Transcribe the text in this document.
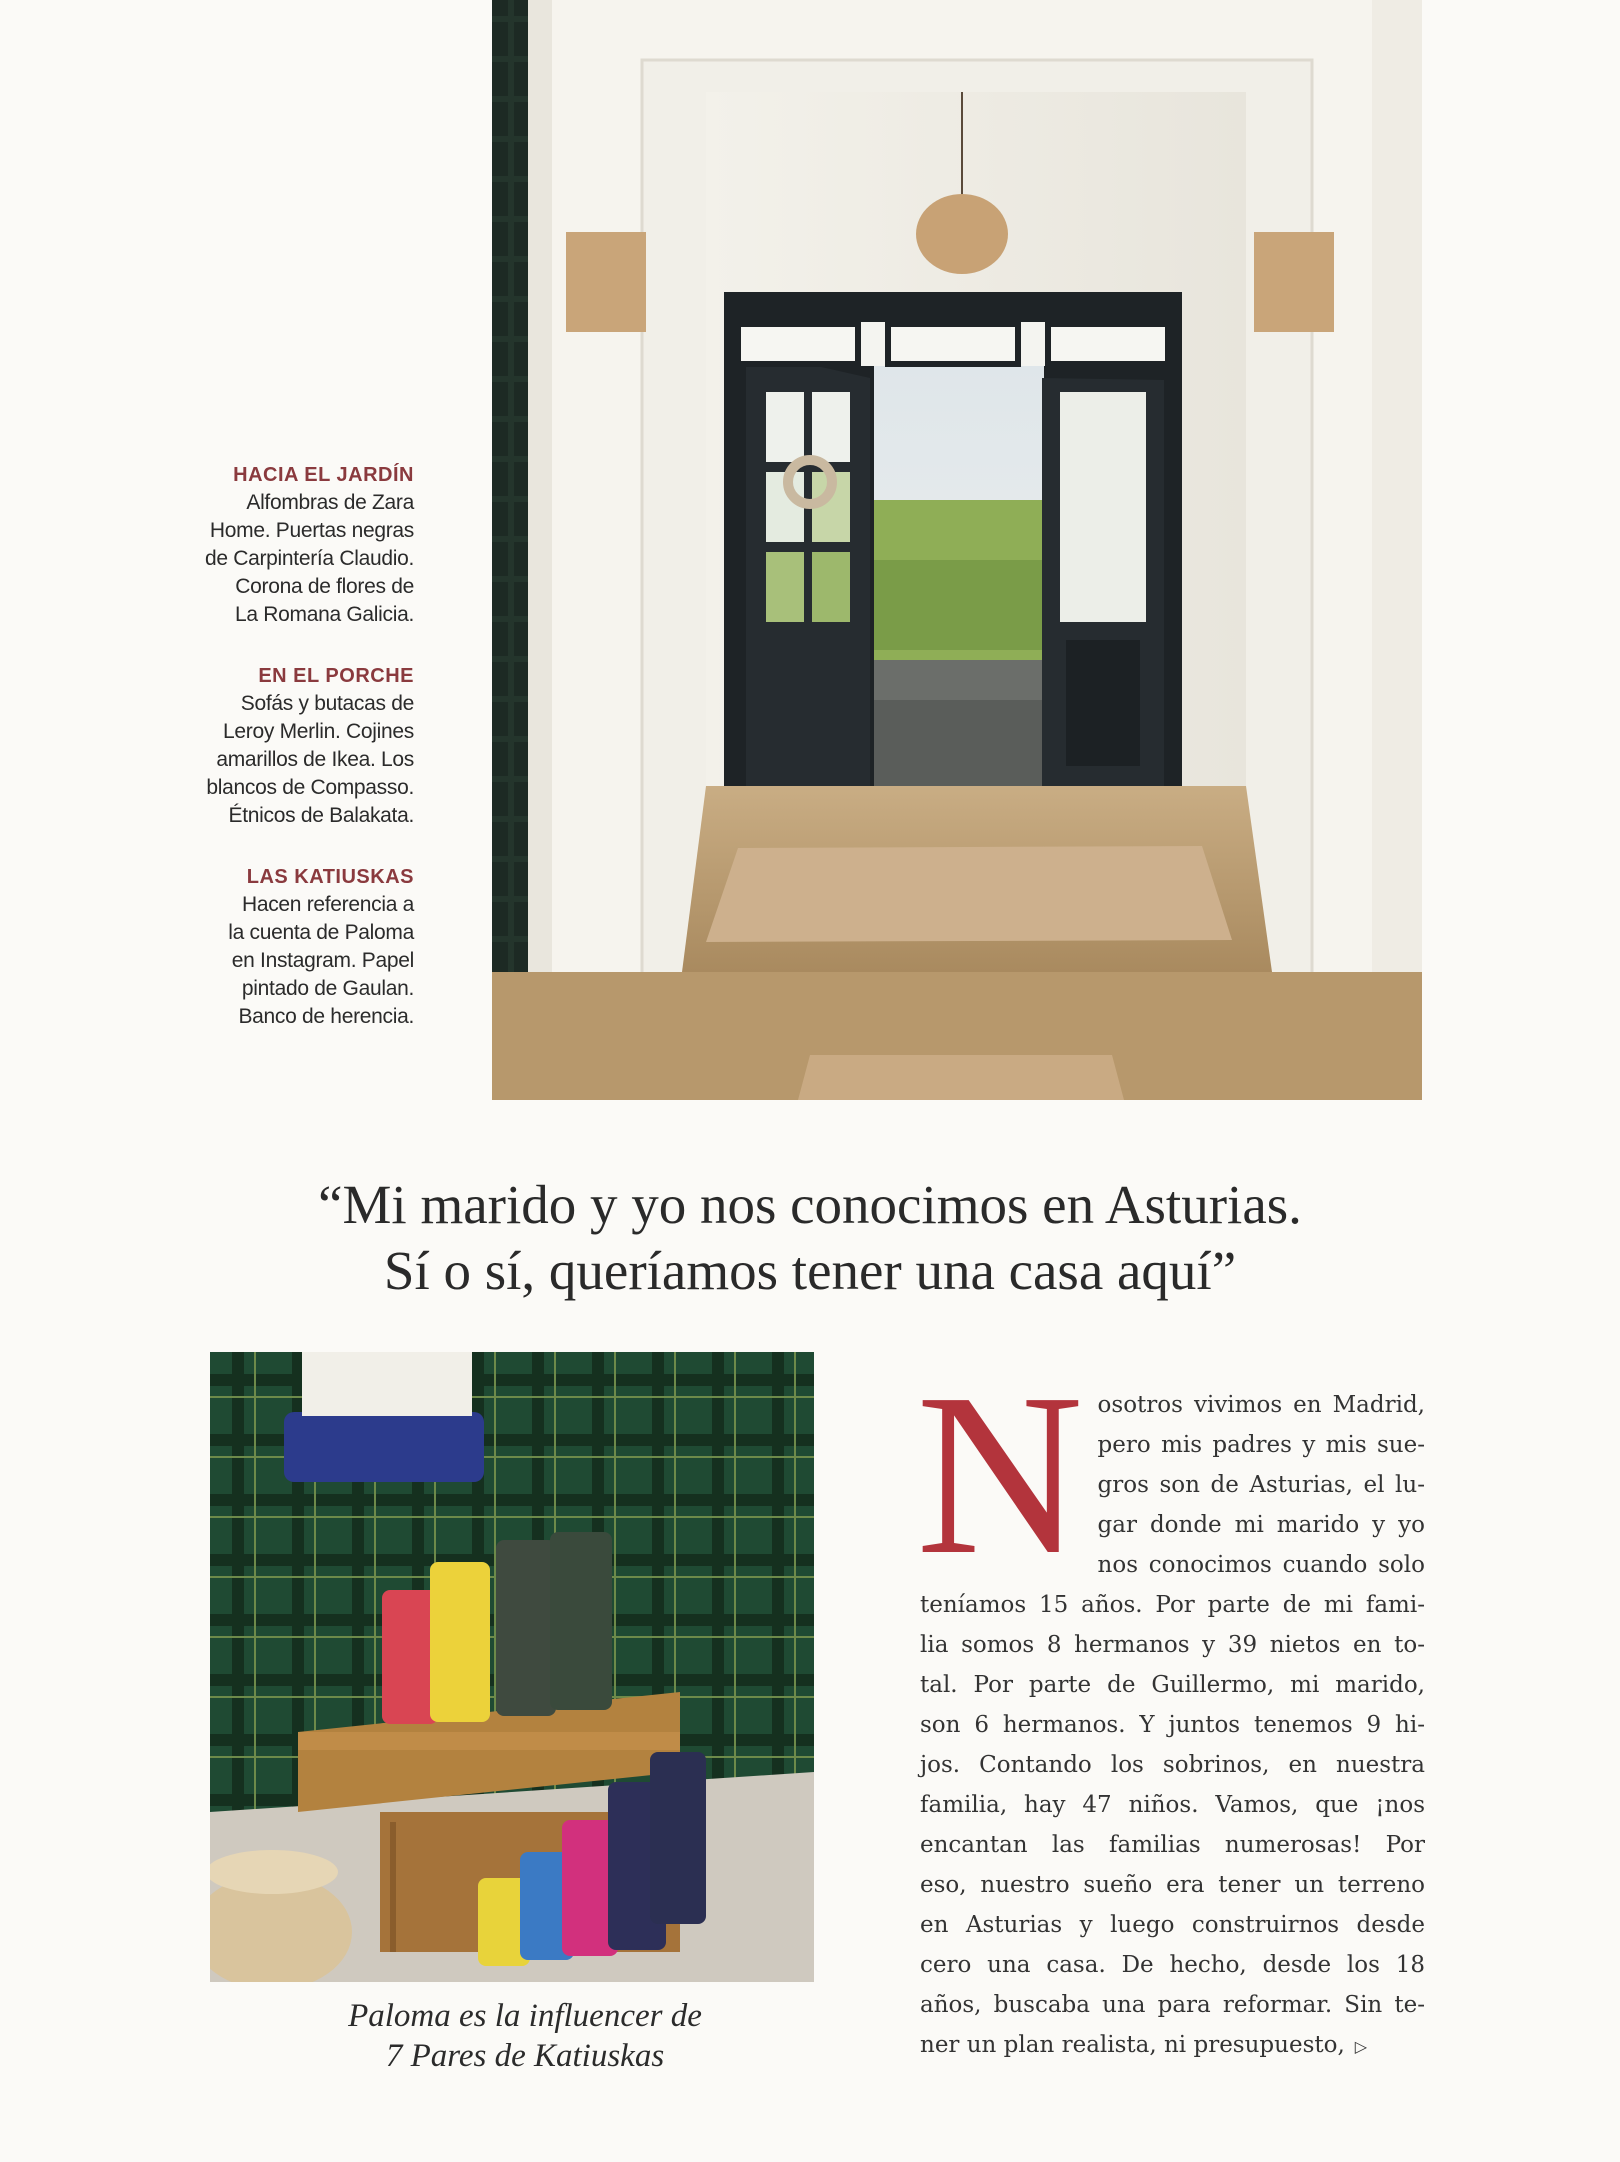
HACIA EL JARDÍN

Alfombras de Zara

Home. Puertas negras

de Carpintería Claudio.

Corona de flores de

La Romana Galicia.

EN EL PORCHE

Sofás y butacas de

Leroy Merlin. Cojines

amarillos de Ikea. Los

blancos de Compasso.

Étnicos de Balakata.

LAS KATIUSKAS

Hacen referencia a

la cuenta de Paloma

en Instagram. Papel

pintado de Gaulan.

Banco de herencia.

“Mi marido y yo nos conocimos en Asturias.

Sí o sí, queríamos tener una casa aquí”

Paloma es la influencer de

7 Pares de Katiuskas

N osotros vivimos en Madrid,
pero mis padres y mis sue-
gros son de Asturias, el lu-
gar donde mi marido y yo
nos conocimos cuando solo
teníamos 15 años. Por parte de mi fami-
lia somos 8 hermanos y 39 nietos en to-
tal. Por parte de Guillermo, mi marido,
son 6 hermanos. Y juntos tenemos 9 hi-
jos. Contando los sobrinos, en nuestra
familia, hay 47 niños. Vamos, que ¡nos
encantan las familias numerosas! Por
eso, nuestro sueño era tener un terreno
en Asturias y luego construirnos desde
cero una casa. De hecho, desde los 18
años, buscaba una para reformar. Sin te-
ner un plan realista, ni presupuesto, ▷
